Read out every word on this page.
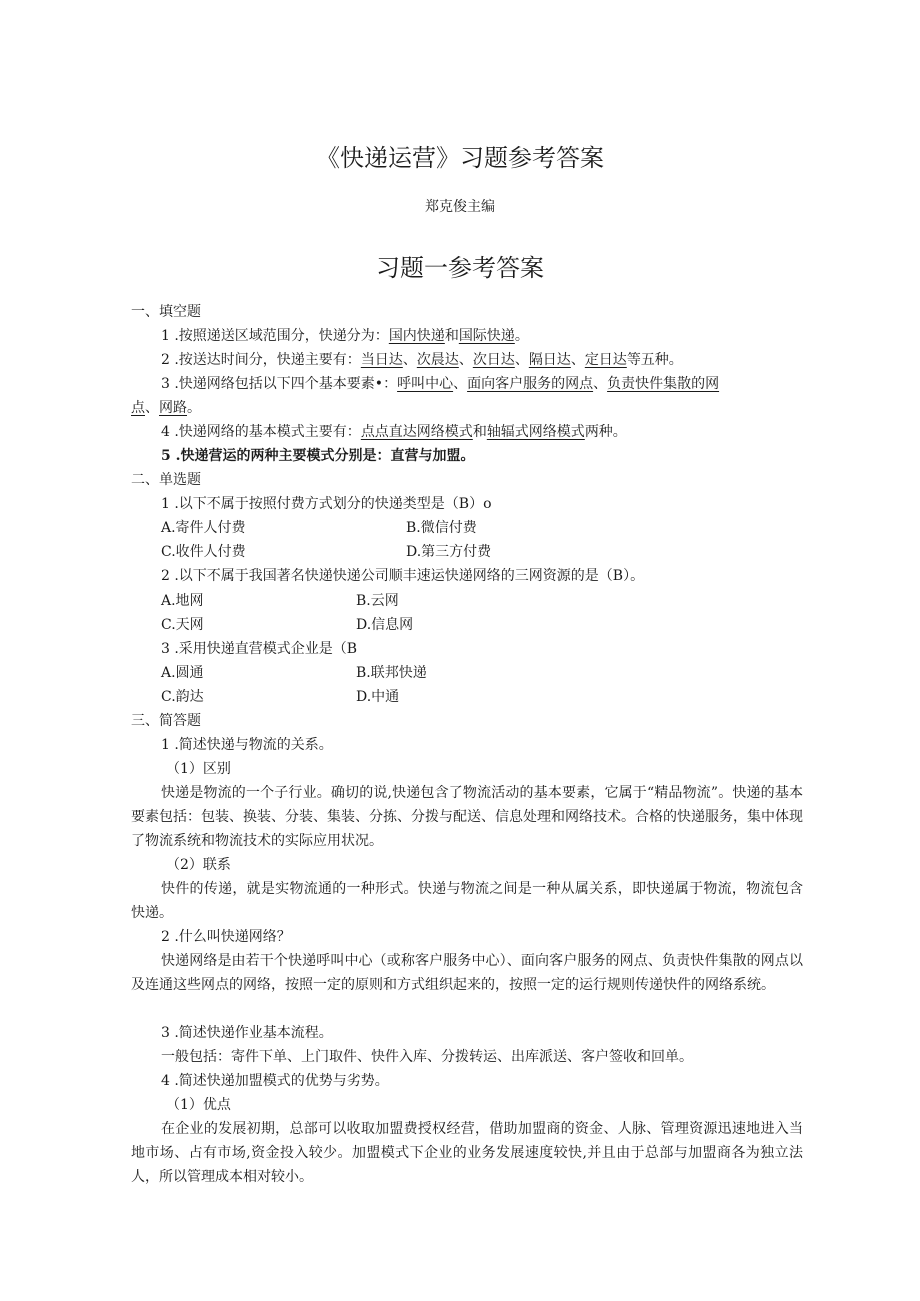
《快递运营》习题参考答案
郑克俊主编
习题一参考答案
一、填空题
1 .按照递送区域范围分，快递分为：国内快递和国际快递。
2 .按送达时间分，快递主要有：当日达、次晨达、次日达、隔日达、定日达等五种。
3 .快递网络包括以下四个基本要素•：呼叫中心、面向客户服务的网点、负责快件集散的网
点、网路。
4 .快递网络的基本模式主要有：点点直达网络模式和轴辐式网络模式两种。
5 .快递营运的两种主要模式分别是：直营与加盟。
二、单选题
1 .以下不属于按照付费方式划分的快递类型是（B）o
A.寄件人付费	B.微信付费
C.收件人付费	D.第三方付费
2 .以下不属于我国著名快递快递公司顺丰速运快递网络的三网资源的是（B）。
A.地网	B.云网
C.天网	D.信息网
3 .采用快递直营模式企业是（B
A.圆通	B.联邦快递
C.韵达	D.中通
三、简答题
1 .简述快递与物流的关系。
（1）区别
快递是物流的一个子行业。确切的说,快递包含了物流活动的基本要素，它属于“精品物流”。快递的基本要素包括：包装、换装、分装、集装、分拣、分拨与配送、信息处理和网络技术。合格的快递服务，集中体现了物流系统和物流技术的实际应用状况。
（2）联系
快件的传递，就是实物流通的一种形式。快递与物流之间是一种从属关系，即快递属于物流，物流包含快递。
2 .什么叫快递网络？
快递网络是由若干个快递呼叫中心（或称客户服务中心）、面向客户服务的网点、负责快件集散的网点以及连通这些网点的网络，按照一定的原则和方式组织起来的，按照一定的运行规则传递快件的网络系统。
3 .简述快递作业基本流程。
一般包括：寄件下单、上门取件、快件入库、分拨转运、出库派送、客户签收和回单。
4 .简述快递加盟模式的优势与劣势。
（1）优点
在企业的发展初期，总部可以收取加盟费授权经营，借助加盟商的资金、人脉、管理资源迅速地进入当地市场、占有市场,资金投入较少。加盟模式下企业的业务发展速度较快,并且由于总部与加盟商各为独立法人，所以管理成本相对较小。
